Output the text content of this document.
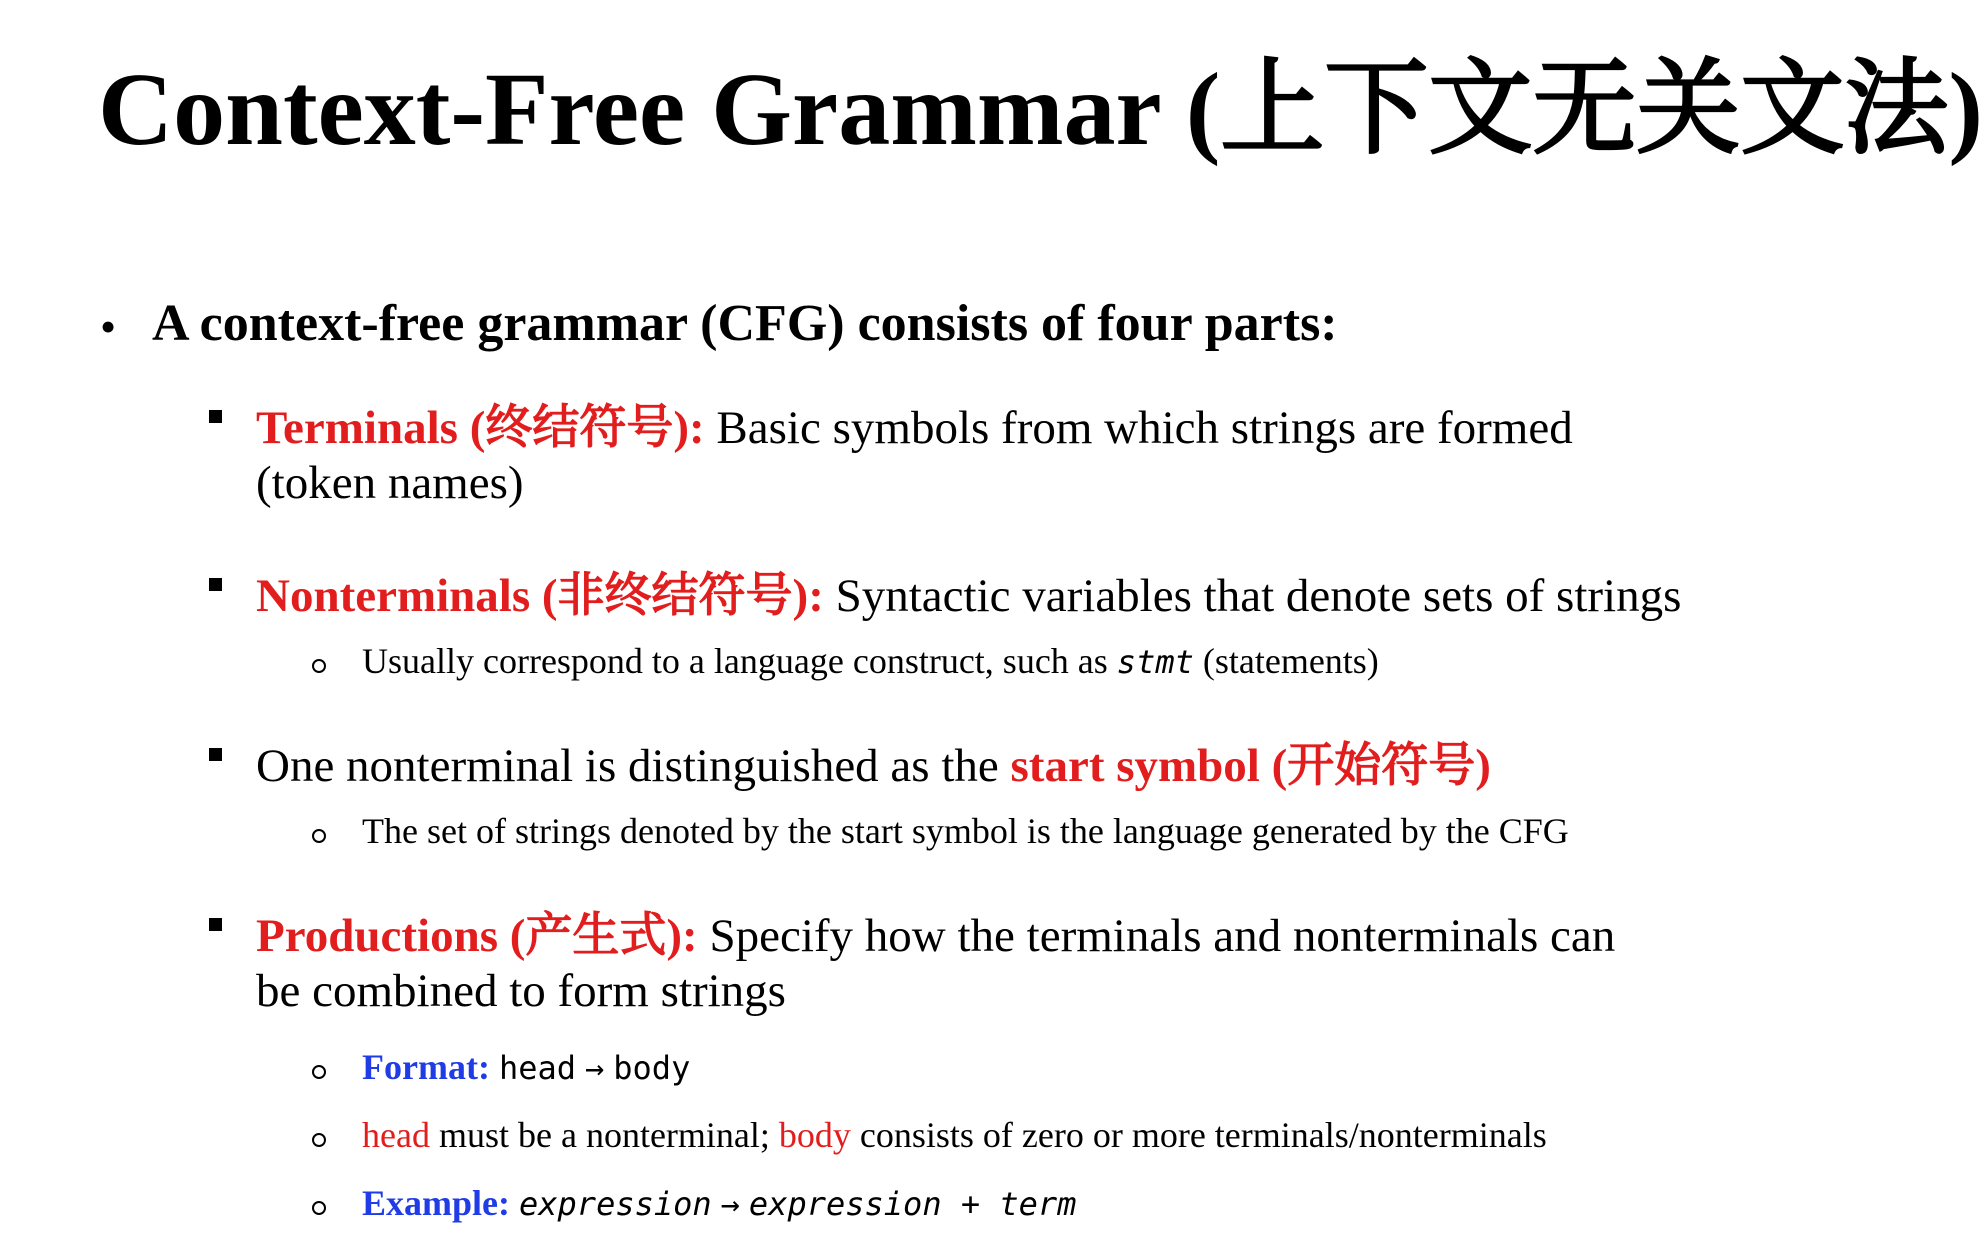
Context-Free Grammar (上下文无关文法)
• A context-free grammar (CFG) consists of four parts:
Terminals (终结符号): Basic symbols from which strings are formed
(token names)
Nonterminals (非终结符号): Syntactic variables that denote sets of strings
Usually correspond to a language construct, such as stmt (statements)
One nonterminal is distinguished as the start symbol (开始符号)
The set of strings denoted by the start symbol is the language generated by the CFG
Productions (产生式): Specify how the terminals and nonterminals can
be combined to form strings
Format: head → body
head must be a nonterminal; body consists of zero or more terminals/nonterminals
Example: expression → expression + term
